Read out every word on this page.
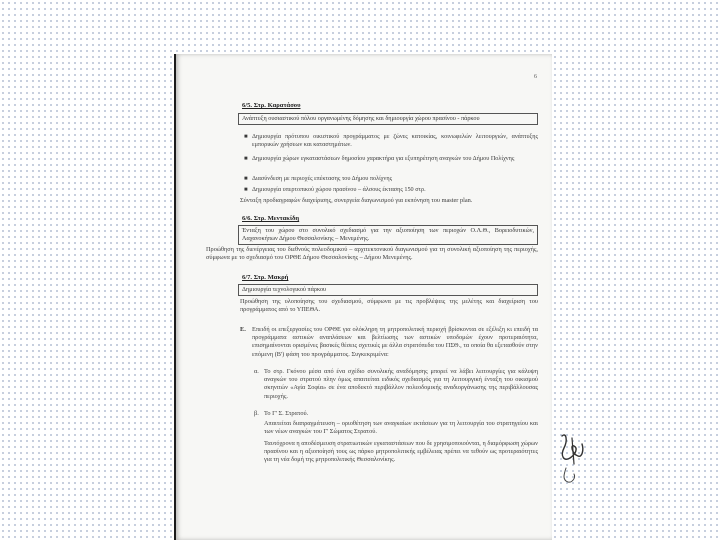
6
6/5. Στρ. Καρατάσου
Ανάπτυξη ουσιαστικού πόλου οργανωμένης δόμησης και δημιουργία χώρου πρασίνου - πάρκου
■ Δημιουργία πρότυπου οικιστικού προγράμματος με ζώνες κατοικίας, κοινωφελών λειτουργιών, ανάπτυξης εμπορικών χρήσεων και καταστημάτων.
■ Δημιουργία χώρων εγκαταστάσεων δημοσίου χαρακτήρα για εξυπηρέτηση αναγκών του Δήμου Πολίχνης
■ Διασύνδεση με περιοχές επέκτασης του Δήμου πολίχνης
■ Δημιουργία υπερτοπικού χώρου πρασίνου – άλσους έκτασης 150 στρ.
Σύνταξη προδιαγραφών διαχείρισης, συνεργεία διαγωνισμού για εκπόνηση του master plan.
6/6. Στρ. Μεντακίδη
Ένταξη του χώρου στο συνολικό σχεδιασμό για την αξιοποίηση των περιοχών Ο.Λ.Θ., Βορειοδυτικών, Λαχανοκήπων Δήμου Θεσσαλονίκης – Μενεμένης.
Προώθηση της διενέργειας του διεθνούς πολεοδομικού – αρχιτεκτονικού διαγωνισμού για τη συνολική αξιοποίηση της περιοχής, σύμφωνα με το σχεδιασμό του ΟΡΘΕ Δήμου Θεσσαλονίκης – Δήμου Μενεμένης.
6/7. Στρ. Μακρή
Δημιουργία τεχνολογικού πάρκου
Προώθηση της υλοποίησης του σχεδιασμού, σύμφωνα με τις προβλέψεις της μελέτης και διαχείριση του προγράμματος από το ΥΠΕΘΑ.
Ε. Επειδή οι επεξεργασίες του ΟΡΘΕ για ολόκληρη τη μητροπολιτική περιοχή βρίσκονται σε εξέλιξη κι επειδή τα προγράμματα αστικών αναπλάσεων και βελτίωσης των αστικών υποδομών έχουν προτεραιότητα, επισημαίνονται ορισμένες βασικές θέσεις σχετικές με άλλα στρατόπεδα του ΠΣΘ., τα οποία θα εξετασθούν στην επόμενη (Β') φάση του προγράμματος. Συγκεκριμένα:
α. Το στρ. Γκόνου μέσα από ένα σχέδιο συνολικής αναδόμησης μπορεί να λάβει λειτουργίες για κάλυψη αναγκών του στρατού πλην όμως απαιτείται ειδικός σχεδιασμός για τη λειτουργική ένταξη του οικισμού σκηνιτών «Αγία Σοφία» σε ένα αποδεκτό περιβάλλον πολεοδομικής αναδιοργάνωσης της περιβάλλουσας περιοχής.
β. Το Γ' Σ. Στρατού.
Απαιτείται διαπραγμάτευση – οριοθέτηση των αναγκαίων εκτάσεων για τη λειτουργία του στρατηγείου και των νέων αναγκών του Γ' Σώματος Στρατού.
Ταυτόχρονα η αποδέσμευση στρατιωτικών εγκαταστάσεων που δε χρησιμοποιούνται, η διαμόρφωση χώρων πρασίνου και η αξιοποίησή τους ως πάρκο μητροπολιτικής εμβέλειας πρέπει να τεθούν ως προτεραιότητες για τη νέα δομή της μητροπολιτικής Θεσσαλονίκης.
